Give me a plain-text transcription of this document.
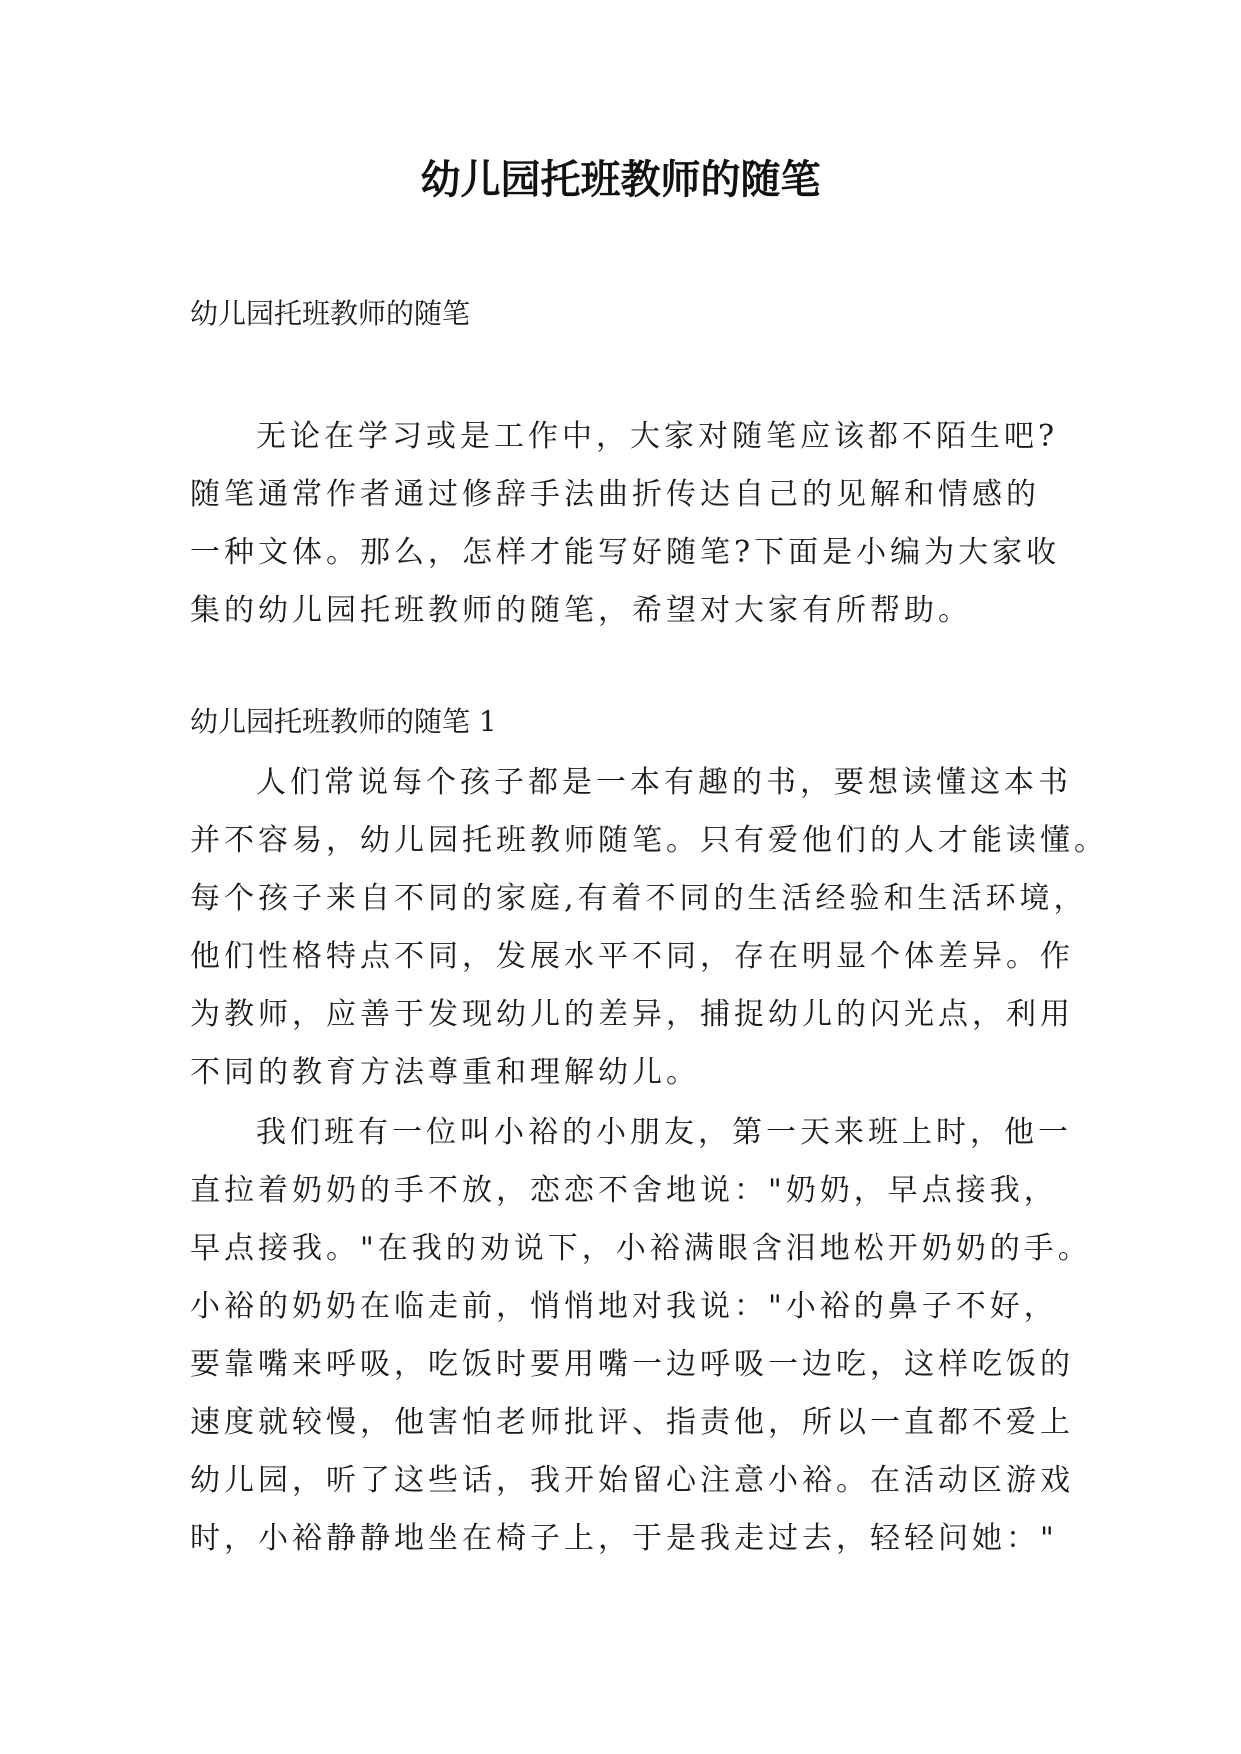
幼儿园托班教师的随笔

幼儿园托班教师的随笔

无论在学习或是工作中，大家对随笔应该都不陌生吧?
随笔通常作者通过修辞手法曲折传达自己的见解和情感的
一种文体。那么，怎样才能写好随笔?下面是小编为大家收
集的幼儿园托班教师的随笔，希望对大家有所帮助。

幼儿园托班教师的随笔 1

人们常说每个孩子都是一本有趣的书，要想读懂这本书
并不容易，幼儿园托班教师随笔。只有爱他们的人才能读懂。
每个孩子来自不同的家庭,有着不同的生活经验和生活环境，
他们性格特点不同，发展水平不同，存在明显个体差异。作
为教师，应善于发现幼儿的差异，捕捉幼儿的闪光点，利用
不同的教育方法尊重和理解幼儿。
我们班有一位叫小裕的小朋友，第一天来班上时，他一
直拉着奶奶的手不放，恋恋不舍地说："奶奶，早点接我，
早点接我。"在我的劝说下，小裕满眼含泪地松开奶奶的手。
小裕的奶奶在临走前，悄悄地对我说："小裕的鼻子不好，
要靠嘴来呼吸，吃饭时要用嘴一边呼吸一边吃，这样吃饭的
速度就较慢，他害怕老师批评、指责他，所以一直都不爱上
幼儿园，听了这些话，我开始留心注意小裕。在活动区游戏
时，小裕静静地坐在椅子上，于是我走过去，轻轻问她："
